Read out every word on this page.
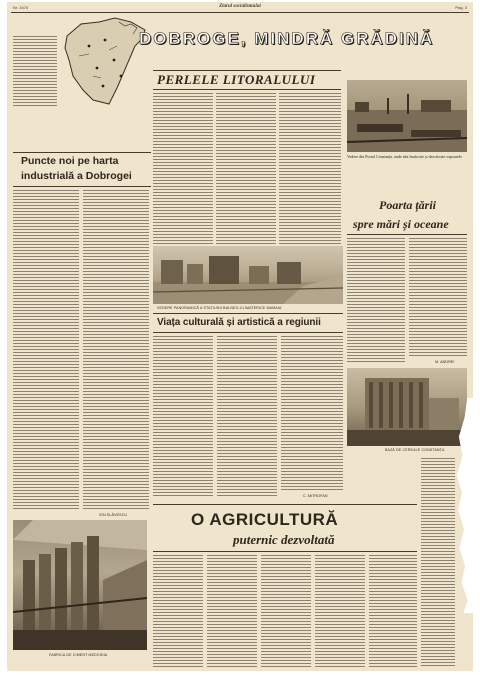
Nr. 3470	Ziarul socialismului	Pag. 3
DOBROGE, MINDRĂ GRĂDINĂ
PERLELE LITORALULUI
Vedere din Portul Constanța, unde sînt încărcate și descărcate vapoarele
Puncte noi pe harta
industrială a Dobrogei
ION SLĂVESCU
Poarta țării
spre mări și oceane
M. ANDREI
VEDERE PANORAMICĂ A STAȚIUNII BALNEO-CLIMATERICE MAMAIA
Viața culturală și artistică a regiunii
C. MITROFAN
BAZĂ DE CEREALE CONSTANȚA
O AGRICULTURĂ
puternic dezvoltată
FABRICA DE CIMENT MEDGIDIA
